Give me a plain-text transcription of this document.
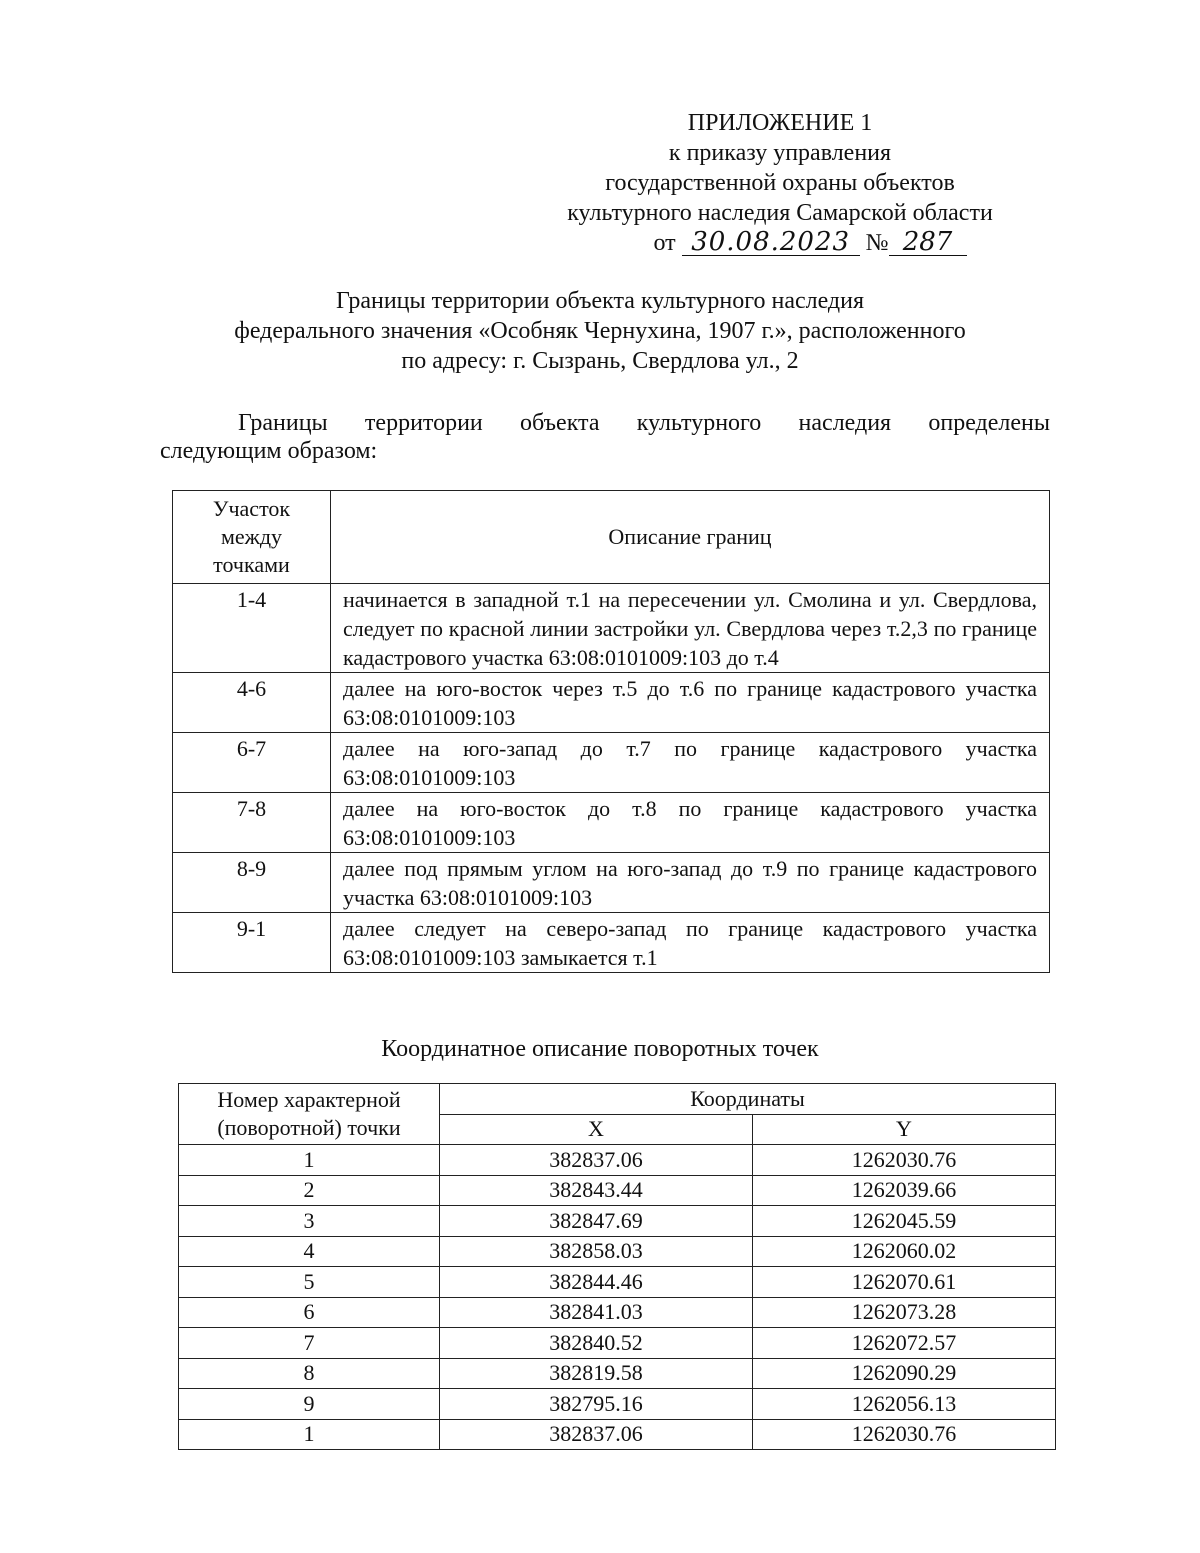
ПРИЛОЖЕНИЕ 1
к приказу управления
государственной охраны объектов
культурного наследия Самарской области
от 30.08.2023 № 287
Границы территории объекта культурного наследия
федерального значения «Особняк Чернухина, 1907 г.», расположенного
по адресу: г. Сызрань, Свердлова ул., 2
Границы территории объекта культурного наследия определены
следующим образом:
Участок
между
точками	Описание границ
1-4	начинается в западной т.1 на пересечении ул. Смолина и ул. Свердлова, следует по красной линии застройки ул. Свердлова через т.2,3 по границе кадастрового участка 63:08:0101009:103 до т.4
4-6	далее на юго-восток через т.5 до т.6 по границе кадастрового участка 63:08:0101009:103
6-7	далее на юго-запад до т.7 по границе кадастрового участка 63:08:0101009:103
7-8	далее на юго-восток до т.8 по границе кадастрового участка 63:08:0101009:103
8-9	далее под прямым углом на юго-запад до т.9 по границе кадастрового участка 63:08:0101009:103
9-1	далее следует на северо-запад по границе кадастрового участка 63:08:0101009:103 замыкается т.1
Координатное описание поворотных точек
Номер характерной
(поворотной) точки	Координаты	
	X	Y
1	382837.06	1262030.76
2	382843.44	1262039.66
3	382847.69	1262045.59
4	382858.03	1262060.02
5	382844.46	1262070.61
6	382841.03	1262073.28
7	382840.52	1262072.57
8	382819.58	1262090.29
9	382795.16	1262056.13
1	382837.06	1262030.76
